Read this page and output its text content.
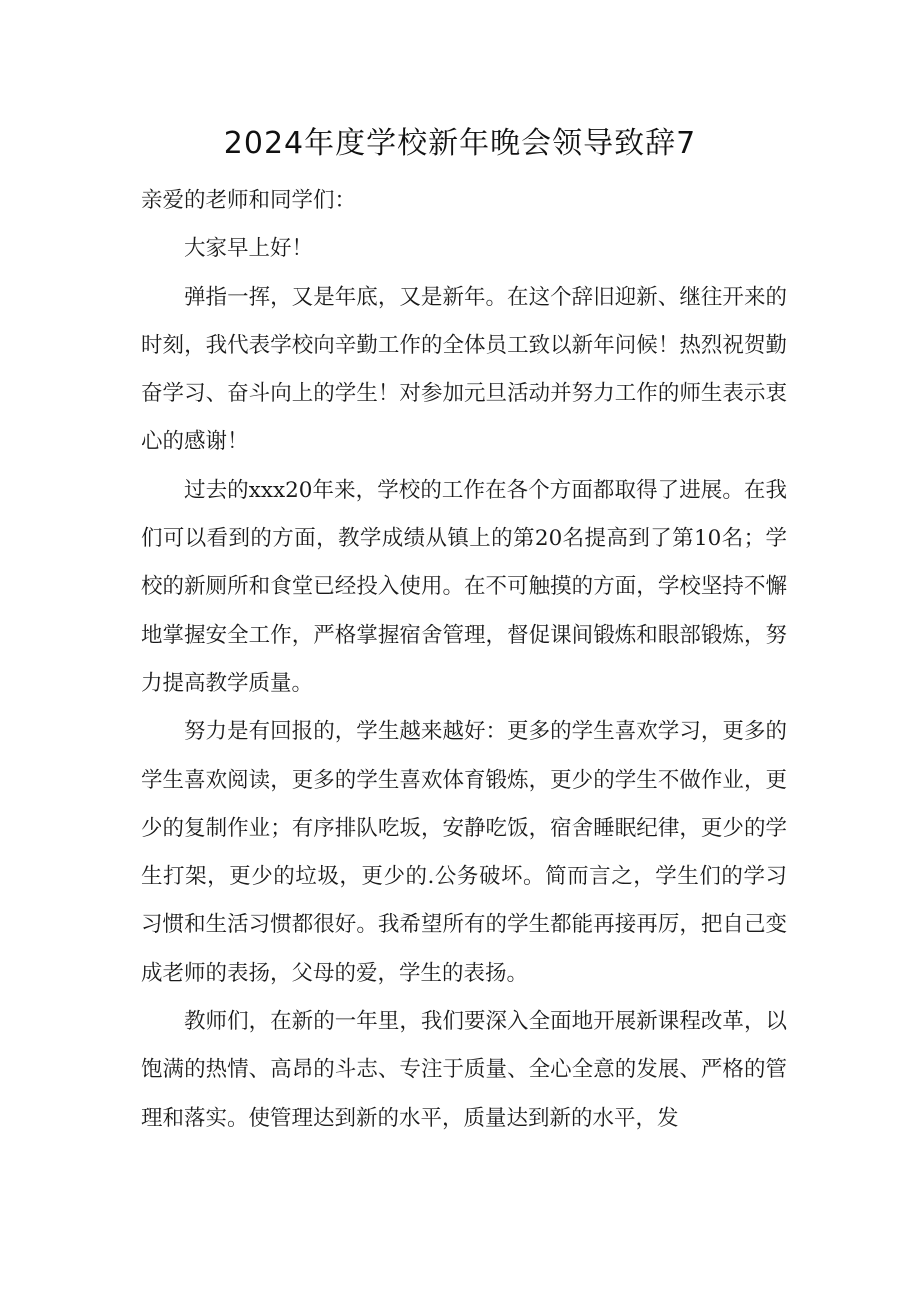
2024年度学校新年晚会领导致辞7

亲爱的老师和同学们：

大家早上好！

弹指一挥，又是年底，又是新年。在这个辞旧迎新、继往开来的时刻，我代表学校向辛勤工作的全体员工致以新年问候！热烈祝贺勤奋学习、奋斗向上的学生！对参加元旦活动并努力工作的师生表示衷心的感谢！

过去的xxx20年来，学校的工作在各个方面都取得了进展。在我们可以看到的方面，教学成绩从镇上的第20名提高到了第10名；学校的新厕所和食堂已经投入使用。在不可触摸的方面，学校坚持不懈地掌握安全工作，严格掌握宿舍管理，督促课间锻炼和眼部锻炼，努力提高教学质量。

努力是有回报的，学生越来越好：更多的学生喜欢学习，更多的学生喜欢阅读，更多的学生喜欢体育锻炼，更少的学生不做作业，更少的复制作业；有序排队吃坂，安静吃饭，宿舍睡眠纪律，更少的学生打架，更少的垃圾，更少的.公务破坏。简而言之，学生们的学习习惯和生活习惯都很好。我希望所有的学生都能再接再厉，把自己变成老师的表扬，父母的爱，学生的表扬。

教师们，在新的一年里，我们要深入全面地开展新课程改革，以饱满的热情、高昂的斗志、专注于质量、全心全意的发展、严格的管理和落实。使管理达到新的水平，质量达到新的水平，发
